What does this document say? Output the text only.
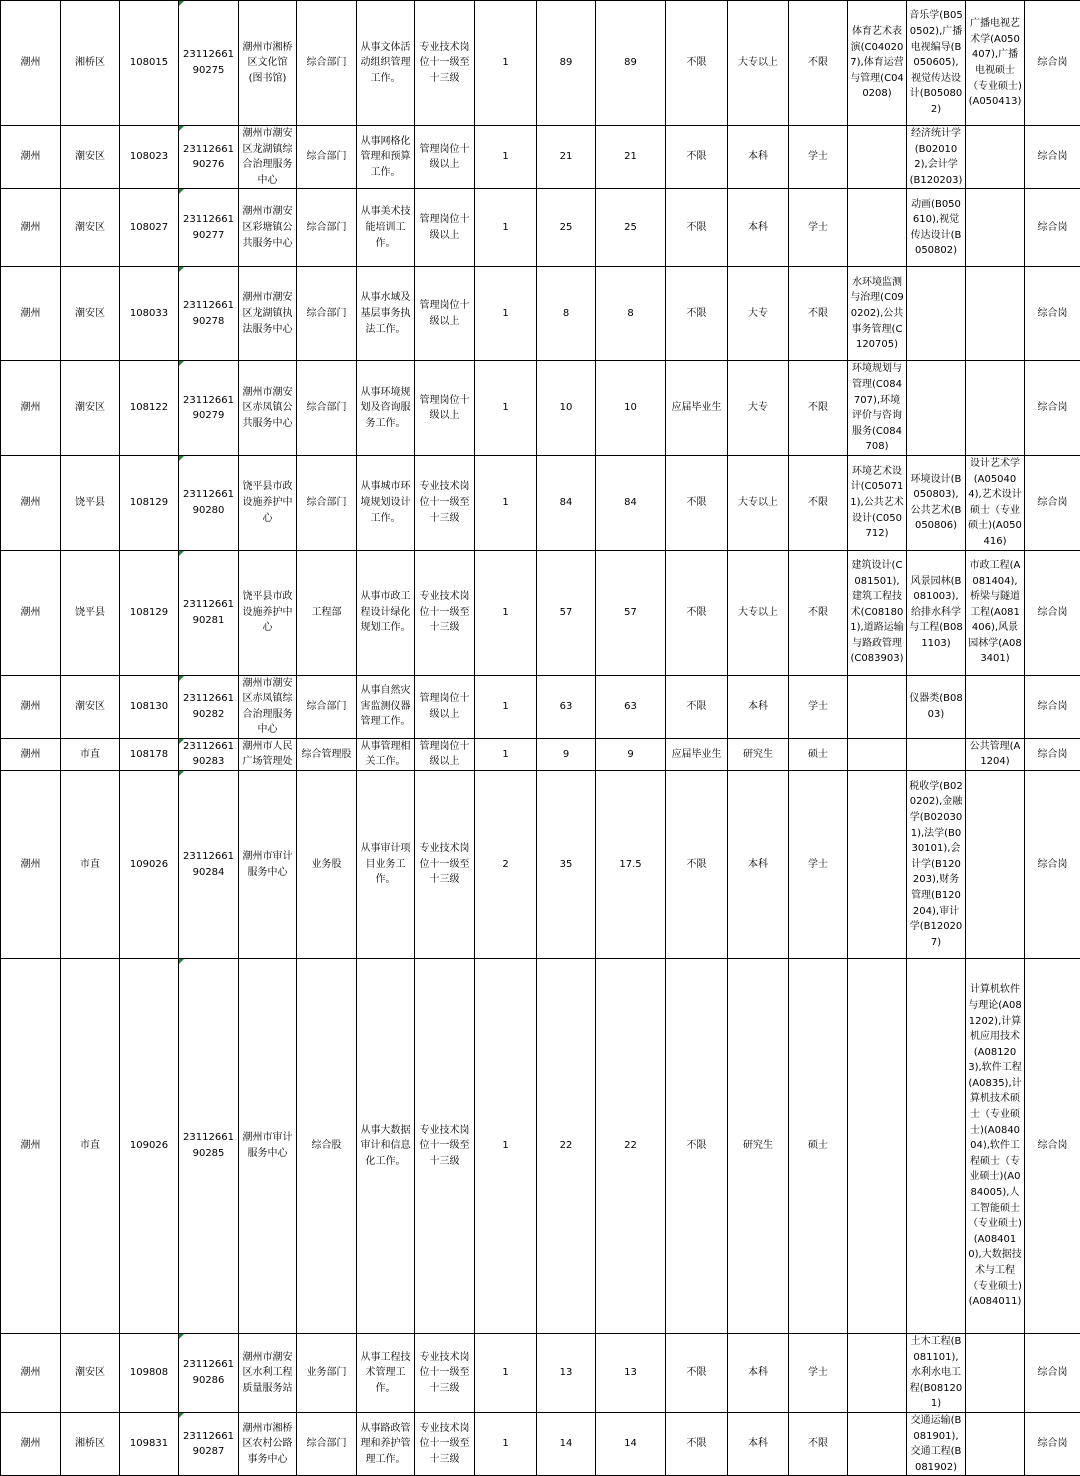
潮州	湘桥区	108015	2311266190275	潮州市湘桥区文化馆(图书馆)	综合部门	从事文体活动组织管理工作。	专业技术岗位十一级至十三级	1	89	89	不限	大专以上	不限	体育艺术表演(C040207),体育运营与管理(C040208)	音乐学(B050502),广播电视编导(B050605),视觉传达设计(B050802)	广播电视艺术学(A050407),广播电视硕士（专业硕士)(A050413)	综合岗
潮州	潮安区	108023	2311266190276	潮州市潮安区龙湖镇综合治理服务中心	综合部门	从事网格化管理和预算工作。	管理岗位十级以上	1	21	21	不限	本科	学士		经济统计学(B020102),会计学(B120203)		综合岗
潮州	潮安区	108027	2311266190277	潮州市潮安区彩塘镇公共服务中心	综合部门	从事美术技能培训工作。	管理岗位十级以上	1	25	25	不限	本科	学士		动画(B050610),视觉传达设计(B050802)		综合岗
潮州	潮安区	108033	2311266190278	潮州市潮安区龙湖镇执法服务中心	综合部门	从事水域及基层事务执法工作。	管理岗位十级以上	1	8	8	不限	大专	不限	水环境监测与治理(C090202),公共事务管理(C120705)			综合岗
潮州	潮安区	108122	2311266190279	潮州市潮安区赤凤镇公共服务中心	综合部门	从事环境规划及咨询服务工作。	管理岗位十级以上	1	10	10	应届毕业生	大专	不限	环境规划与管理(C084707),环境评价与咨询服务(C084708)			综合岗
潮州	饶平县	108129	2311266190280	饶平县市政设施养护中心	综合部门	从事城市环境规划设计工作。	专业技术岗位十一级至十三级	1	84	84	不限	大专以上	不限	环境艺术设计(C050711),公共艺术设计(C050712)	环境设计(B050803),公共艺术(B050806)	设计艺术学(A050404),艺术设计硕士（专业硕士)(A050416)	综合岗
潮州	饶平县	108129	2311266190281	饶平县市政设施养护中心	工程部	从事市政工程设计绿化规划工作。	专业技术岗位十一级至十三级	1	57	57	不限	大专以上	不限	建筑设计(C081501),建筑工程技术(C081801),道路运输与路政管理(C083903)	风景园林(B081003),给排水科学与工程(B081103)	市政工程(A081404),桥梁与隧道工程(A081406),风景园林学(A083401)	综合岗
潮州	潮安区	108130	2311266190282	潮州市潮安区赤凤镇综合治理服务中心	综合部门	从事自然灾害监测仪器管理工作。	管理岗位十级以上	1	63	63	不限	本科	学士		仪器类(B0803)		综合岗
潮州	市直	108178	2311266190283	潮州市人民广场管理处	综合管理股	从事管理相关工作。	管理岗位十级以上	1	9	9	应届毕业生	研究生	硕士			公共管理(A1204)	综合岗
潮州	市直	109026	2311266190284	潮州市审计服务中心	业务股	从事审计项目业务工作。	专业技术岗位十一级至十三级	2	35	17.5	不限	本科	学士		税收学(B020202),金融学(B020301),法学(B030101),会计学(B120203),财务管理(B120204),审计学(B120207)		综合岗
潮州	市直	109026	2311266190285	潮州市审计服务中心	综合股	从事大数据审计和信息化工作。	专业技术岗位十一级至十三级	1	22	22	不限	研究生	硕士			计算机软件与理论(A081202),计算机应用技术(A081203),软件工程(A0835),计算机技术硕士（专业硕士)(A084004),软件工程硕士（专业硕士)(A084005),人工智能硕士（专业硕士)(A084010),大数据技术与工程（专业硕士)(A084011)	综合岗
潮州	潮安区	109808	2311266190286	潮州市潮安区水利工程质量服务站	业务部门	从事工程技术管理工作。	专业技术岗位十一级至十三级	1	13	13	不限	本科	学士		土木工程(B081101),水利水电工程(B081201)		综合岗
潮州	湘桥区	109831	2311266190287	潮州市湘桥区农村公路事务中心	综合部门	从事路政管理和养护管理工作。	专业技术岗位十一级至十三级	1	14	14	不限	本科	不限		交通运输(B081901),交通工程(B081902)		综合岗
